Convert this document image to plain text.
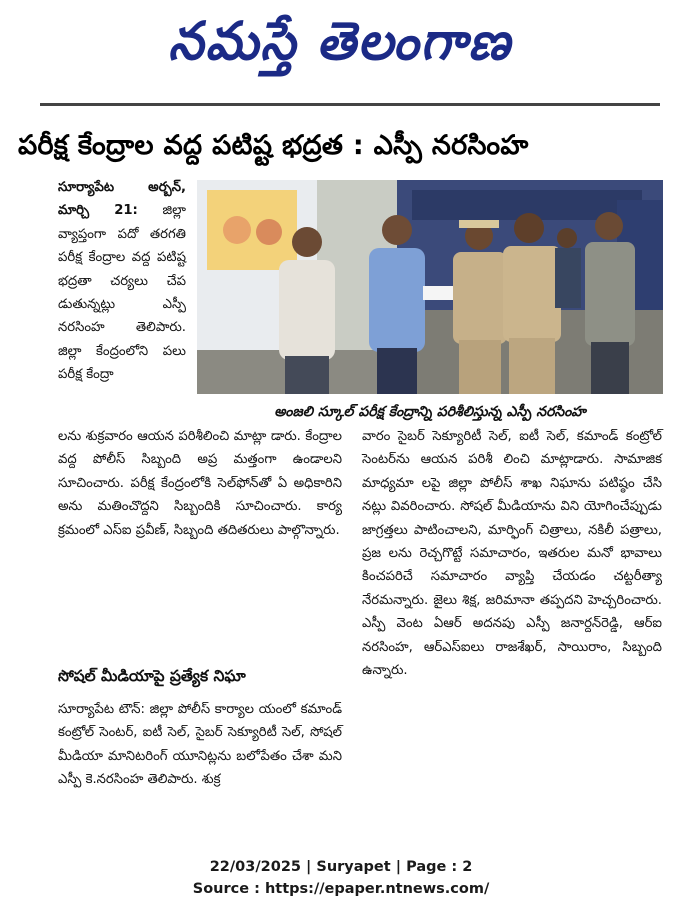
నమస్తే తెలంగాణ
పరీక్ష కేంద్రాల వద్ద పటిష్ట భద్రత : ఎస్పీ నరసింహ

సూర్యాపేట అర్బన్, మార్చి 21: జిల్లా వ్యాప్తంగా పదో తరగతి పరీక్ష కేంద్రాల వద్ద పటిష్ట భద్రతా చర్యలు చేప డుతున్నట్లు ఎస్పీ నరసింహ తెలిపారు. జిల్లా కేంద్రంలోని పలు పరీక్ష కేంద్రా

అంజలి స్కూల్ పరీక్ష కేంద్రాన్ని పరిశీలిస్తున్న ఎస్పీ నరసింహ

లను శుక్రవారం ఆయన పరిశీలించి మాట్లా డారు. కేంద్రాల వద్ద పోలీస్ సిబ్బంది అప్ర మత్తంగా ఉండాలని సూచించారు. పరీక్ష కేంద్రంలోకి సెల్‌ఫోన్‌తో ఏ అధికారిని అను మతించొద్దని సిబ్బందికి సూచించారు. కార్య క్రమంలో ఎస్ఐ ప్రవీణ్, సిబ్బంది తదితరులు పాల్గొన్నారు.

సోషల్ మీడియాపై ప్రత్యేక నిఘా

సూర్యాపేట టౌన్: జిల్లా పోలీస్ కార్యాల యంలో కమాండ్ కంట్రోల్ సెంటర్, ఐటీ సెల్, సైబర్ సెక్యూరిటీ సెల్, సోషల్ మీడియా మానిటరింగ్ యూనిట్లను బలోపేతం చేశా మని ఎస్పీ కె.నరసింహ తెలిపారు. శుక్ర

వారం సైబర్ సెక్యూరిటీ సెల్, ఐటీ సెల్, కమాండ్ కంట్రోల్ సెంటర్‌ను ఆయన పరిశీ లించి మాట్లాడారు. సామాజిక మాధ్యమా లపై జిల్లా పోలీస్ శాఖ నిఘాను పటిష్ఠం చేసి నట్లు వివరించారు. సోషల్ మీడియాను విని యోగించేప్పుడు జాగ్రత్తలు పాటించాలని, మార్ఫింగ్ చిత్రాలు, నకిలీ పత్రాలు, ప్రజ లను రెచ్చగొట్టే సమాచారం, ఇతరుల మనో భావాలు కించపరిచే సమాచారం వ్యాప్తి చేయడం చట్టరీత్యా నేరమన్నారు. జైలు శిక్ష, జరిమానా తప్పదని హెచ్చరించారు. ఎస్పీ వెంట ఏఆర్ అదనపు ఎస్పీ జనార్దన్‌రెడ్డి, ఆర్ఐ నరసింహ, ఆర్ఎస్ఐలు రాజశేఖర్, సాయిరాం, సిబ్బంది ఉన్నారు.

22/03/2025 | Suryapet | Page : 2
Source : https://epaper.ntnews.com/
